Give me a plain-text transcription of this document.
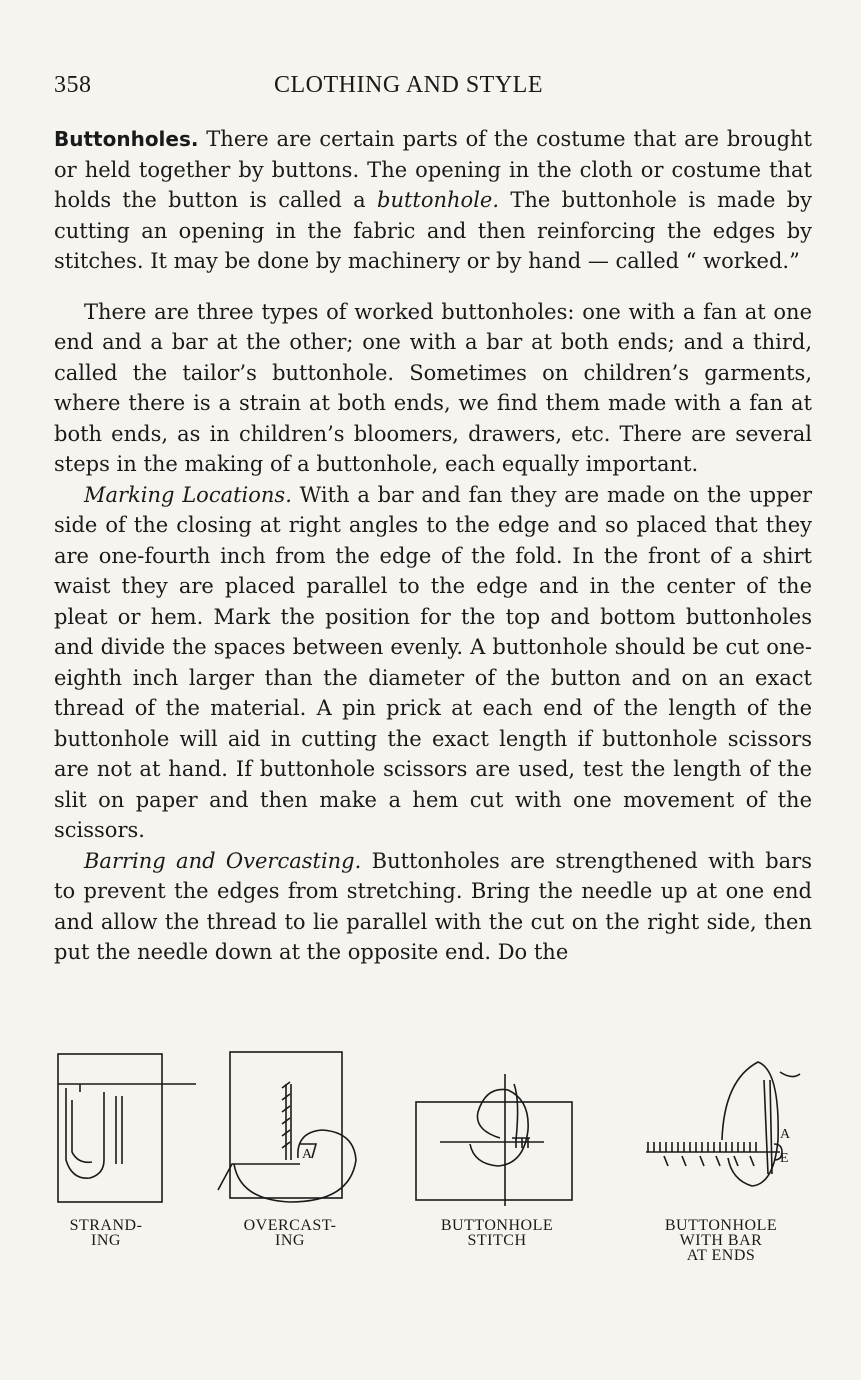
358	CLOTHING AND STYLE

Buttonholes. There are certain parts of the costume that are brought or held together by buttons. The opening in the cloth or costume that holds the button is called a buttonhole. The buttonhole is made by cutting an opening in the fabric and then reinforcing the edges by stitches. It may be done by machinery or by hand — called “ worked.”

There are three types of worked buttonholes: one with a fan at one end and a bar at the other; one with a bar at both ends; and a third, called the tailor’s buttonhole. Sometimes on children’s garments, where there is a strain at both ends, we find them made with a fan at both ends, as in children’s bloomers, drawers, etc. There are several steps in the making of a buttonhole, each equally important.

Marking Locations. With a bar and fan they are made on the upper side of the closing at right angles to the edge and so placed that they are one-fourth inch from the edge of the fold. In the front of a shirt waist they are placed parallel to the edge and in the center of the pleat or hem. Mark the position for the top and bottom buttonholes and divide the spaces between evenly. A buttonhole should be cut one-eighth inch larger than the diameter of the button and on an exact thread of the material. A pin prick at each end of the length of the buttonhole will aid in cutting the exact length if buttonhole scissors are not at hand. If buttonhole scissors are used, test the length of the slit on paper and then make a hem cut with one movement of the scissors.

Barring and Overcasting. Buttonholes are strengthened with bars to prevent the edges from stretching. Bring the needle up at one end and allow the thread to lie parallel with the cut on the right side, then put the needle down at the opposite end. Do the

A
A
E
STRAND-
ING
OVERCAST-
ING
BUTTONHOLE
STITCH
BUTTONHOLE
WITH BAR
AT ENDS
